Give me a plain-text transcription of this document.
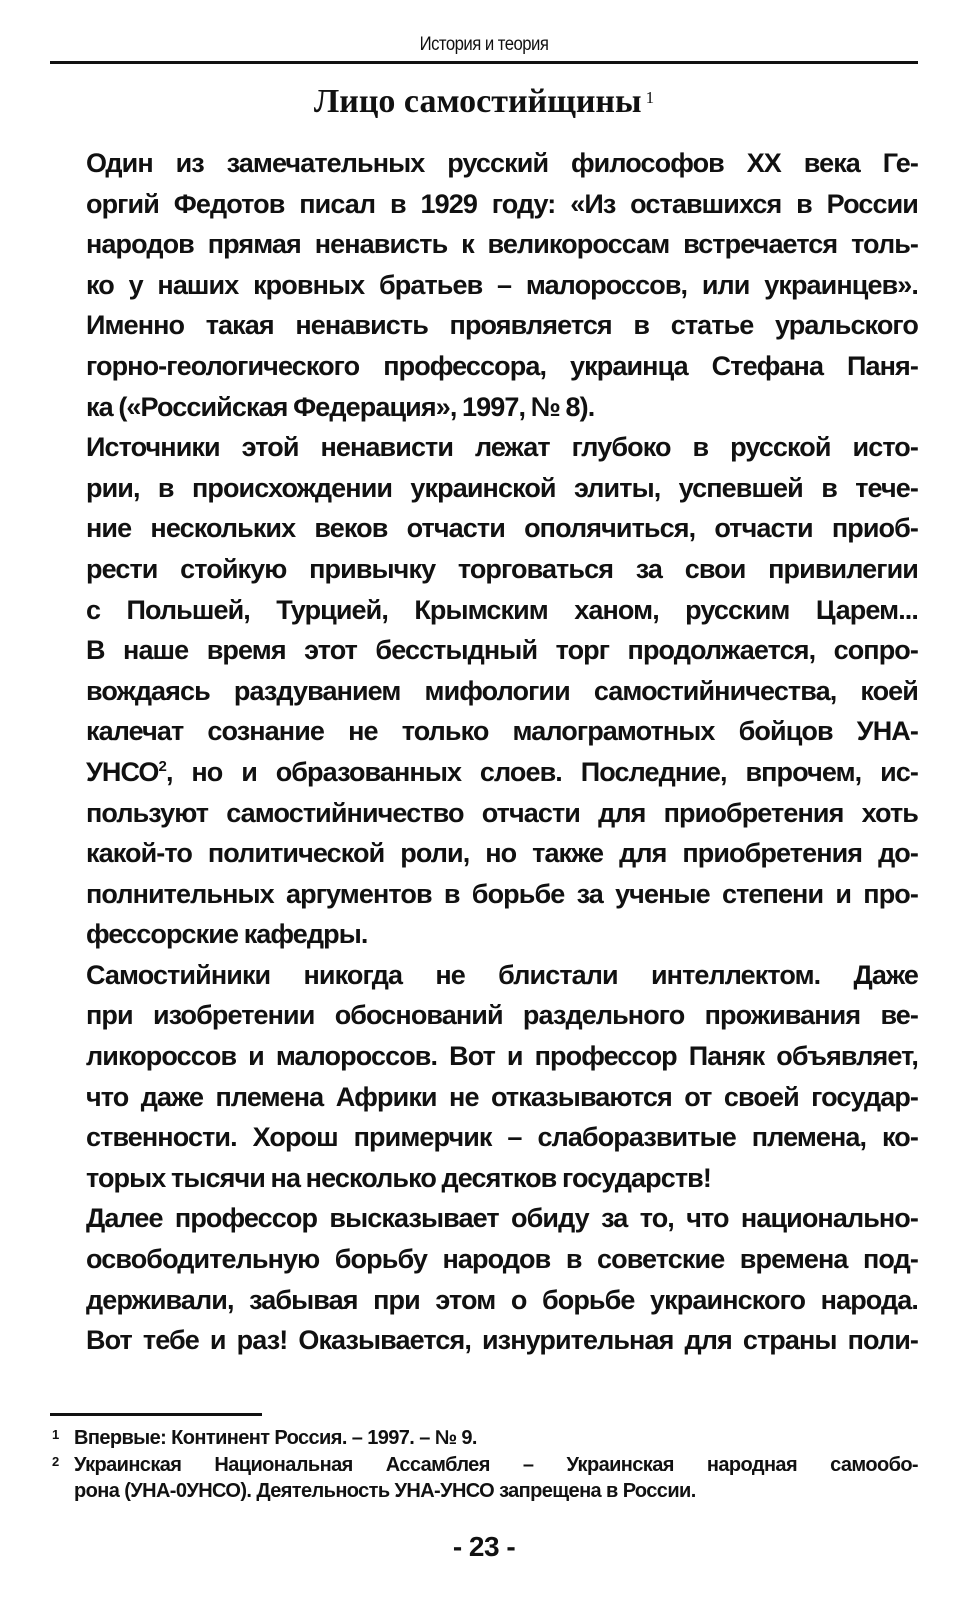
История и теория
Лицо самостийщины $^1$

Один из замечательных русский философов XX века Ге-
оргий Федотов писал в 1929 году: «Из оставшихся в России
народов прямая ненависть к великороссам встречается толь-
ко у наших кровных братьев – малороссов, или украинцев».
Именно такая ненависть проявляется в статье уральского
горно-геологического профессора, украинца Стефана Паня-
ка («Российская Федерация», 1997, № 8).

Источники этой ненависти лежат глубоко в русской исто-
рии, в происхождении украинской элиты, успевшей в тече-
ние нескольких веков отчасти ополячиться, отчасти приоб-
рести стойкую привычку торговаться за свои привилегии
с Польшей, Турцией, Крымским ханом, русским Царем...
В наше время этот бесстыдный торг продолжается, сопро-
вождаясь раздуванием мифологии самостийничества, коей
калечат сознание не только малограмотных бойцов УНА-
УНСО$^2$, но и образованных слоев. Последние, впрочем, ис-
пользуют самостийничество отчасти для приобретения хоть
какой-то политической роли, но также для приобретения до-
полнительных аргументов в борьбе за ученые степени и про-
фессорские кафедры.

Самостийники никогда не блистали интеллектом. Даже
при изобретении обоснований раздельного проживания ве-
ликороссов и малороссов. Вот и профессор Паняк объявляет,
что даже племена Африки не отказываются от своей государ-
ственности. Хорош примерчик – слаборазвитые племена, ко-
торых тысячи на несколько десятков государств!

Далее профессор высказывает обиду за то, что национально-
освободительную борьбу народов в советские времена под-
держивали, забывая при этом о борьбе украинского народа.
Вот тебе и раз! Оказывается, изнурительная для страны поли-

1 Впервые: Континент Россия. – 1997. – № 9.
2 Украинская Национальная Ассамблея – Украинская народная самообо-
рона (УНА-0УНСО). Деятельность УНА-УНСО запрещена в России.
- 23 -
